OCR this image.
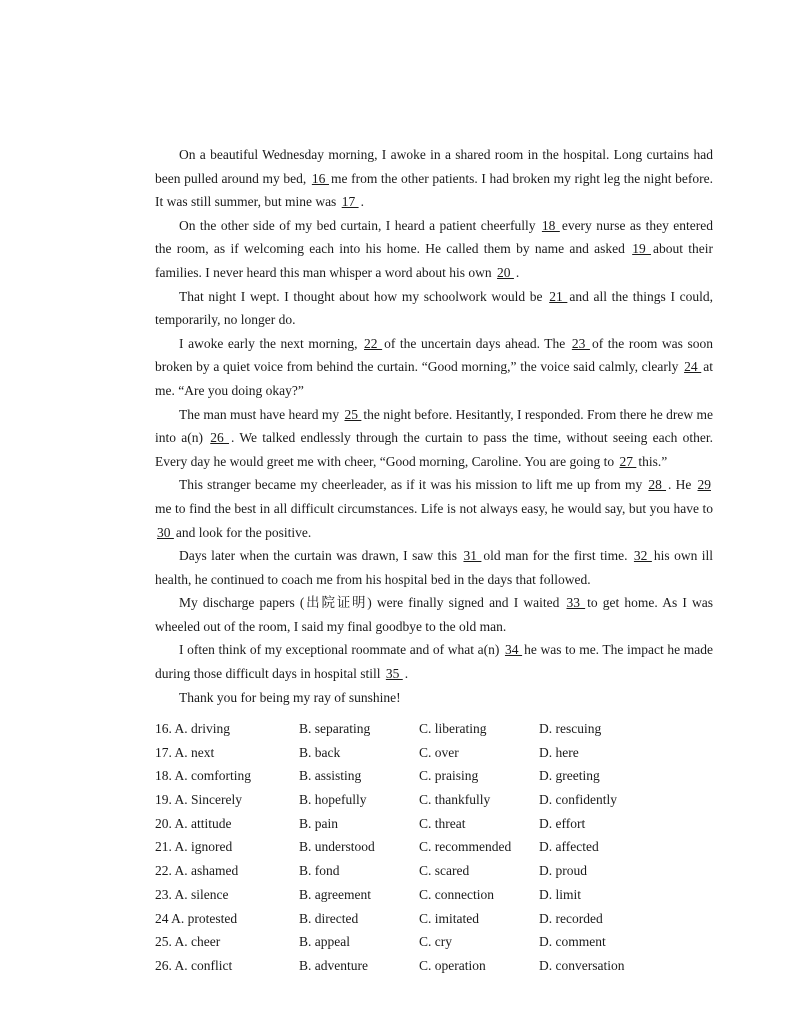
On a beautiful Wednesday morning, I awoke in a shared room in the hospital. Long curtains had been pulled around my bed, 16 me from the other patients. I had broken my right leg the night before. It was still summer, but mine was 17 .

On the other side of my bed curtain, I heard a patient cheerfully 18 every nurse as they entered the room, as if welcoming each into his home. He called them by name and asked 19 about their families. I never heard this man whisper a word about his own 20 .

That night I wept. I thought about how my schoolwork would be 21 and all the things I could, temporarily, no longer do.

I awoke early the next morning, 22 of the uncertain days ahead. The 23 of the room was soon broken by a quiet voice from behind the curtain. “Good morning,” the voice said calmly, clearly 24 at me. “Are you doing okay?”

The man must have heard my 25 the night before. Hesitantly, I responded. From there he drew me into a(n) 26 . We talked endlessly through the curtain to pass the time, without seeing each other. Every day he would greet me with cheer, “Good morning, Caroline. You are going to 27 this.”

This stranger became my cheerleader, as if it was his mission to lift me up from my 28 . He 29 me to find the best in all difficult circumstances. Life is not always easy, he would say, but you have to 30 and look for the positive.

Days later when the curtain was drawn, I saw this 31 old man for the first time. 32 his own ill health, he continued to coach me from his hospital bed in the days that followed.

My discharge papers (出院证明) were finally signed and I waited 33 to get home. As I was wheeled out of the room, I said my final goodbye to the old man.

I often think of my exceptional roommate and of what a(n) 34 he was to me. The impact he made during those difficult days in hospital still 35 .

Thank you for being my ray of sunshine!

16. A. driving	B. separating	C. liberating	D. rescuing
17. A. next	B. back	C. over	D. here
18. A. comforting	B. assisting	C. praising	D. greeting
19. A. Sincerely	B. hopefully	C. thankfully	D. confidently
20. A. attitude	B. pain	C. threat	D. effort
21. A. ignored	B. understood	C. recommended D. affected
22. A. ashamed	B. fond	C. scared	D. proud
23. A. silence	B. agreement	C. connection	D. limit
24 A. protested	B. directed	C. imitated	D. recorded
25. A. cheer	B. appeal	C. cry	D. comment
26. A. conflict	B. adventure	C. operation	D. conversation
